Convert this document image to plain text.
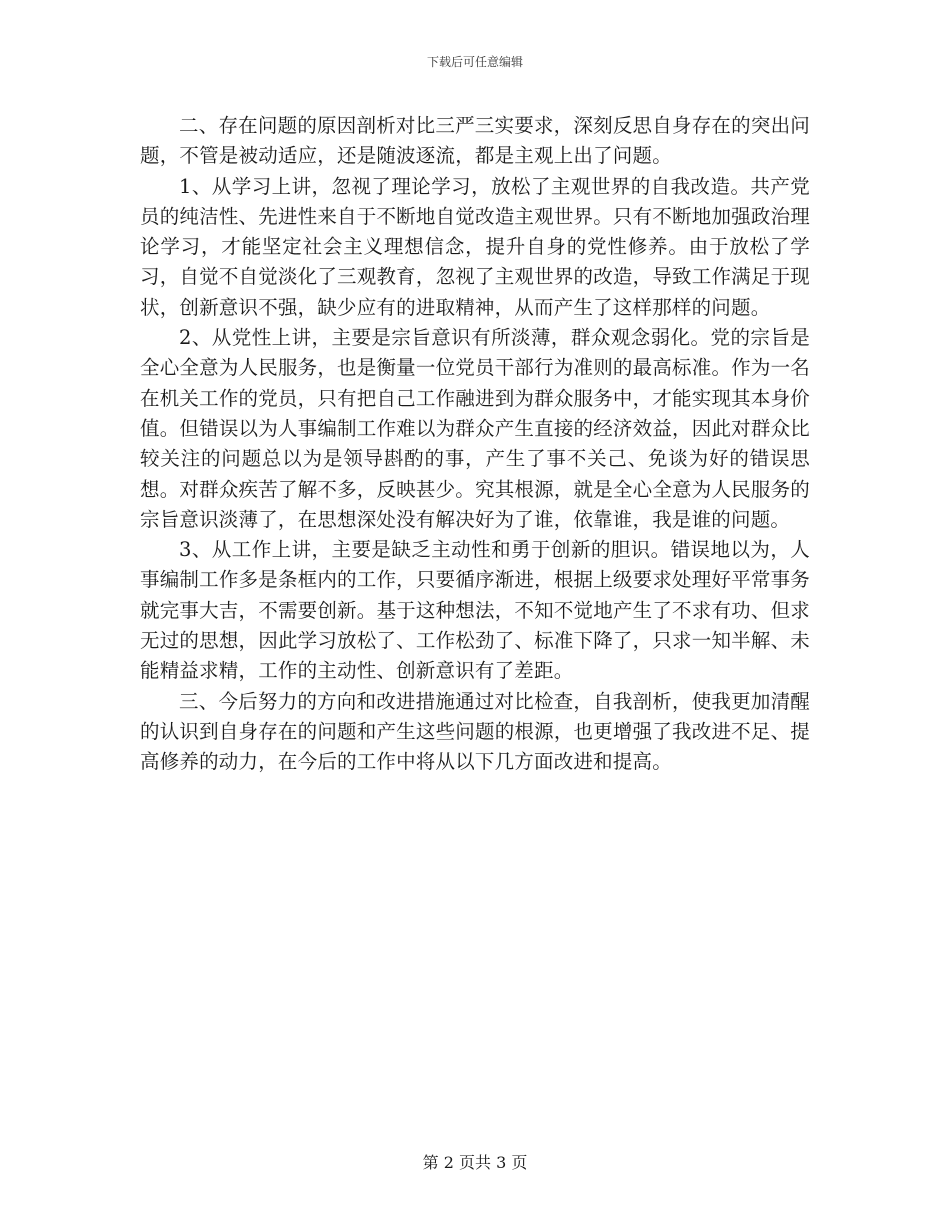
下载后可任意编辑

二、存在问题的原因剖析对比三严三实要求，深刻反思自身存在的突出问题，不管是被动适应，还是随波逐流，都是主观上出了问题。

1、从学习上讲，忽视了理论学习，放松了主观世界的自我改造。共产党员的纯洁性、先进性来自于不断地自觉改造主观世界。只有不断地加强政治理论学习，才能坚定社会主义理想信念，提升自身的党性修养。由于放松了学习，自觉不自觉淡化了三观教育，忽视了主观世界的改造，导致工作满足于现状，创新意识不强，缺少应有的进取精神，从而产生了这样那样的问题。

2、从党性上讲，主要是宗旨意识有所淡薄，群众观念弱化。党的宗旨是全心全意为人民服务，也是衡量一位党员干部行为准则的最高标准。作为一名在机关工作的党员，只有把自己工作融进到为群众服务中，才能实现其本身价值。但错误以为人事编制工作难以为群众产生直接的经济效益，因此对群众比较关注的问题总以为是领导斟酌的事，产生了事不关己、免谈为好的错误思想。对群众疾苦了解不多，反映甚少。究其根源，就是全心全意为人民服务的宗旨意识淡薄了，在思想深处没有解决好为了谁，依靠谁，我是谁的问题。

3、从工作上讲，主要是缺乏主动性和勇于创新的胆识。错误地以为，人事编制工作多是条框内的工作，只要循序渐进，根据上级要求处理好平常事务就完事大吉，不需要创新。基于这种想法，不知不觉地产生了不求有功、但求无过的思想，因此学习放松了、工作松劲了、标准下降了，只求一知半解、未能精益求精，工作的主动性、创新意识有了差距。

三、今后努力的方向和改进措施通过对比检查，自我剖析，使我更加清醒的认识到自身存在的问题和产生这些问题的根源，也更增强了我改进不足、提高修养的动力，在今后的工作中将从以下几方面改进和提高。

第 2 页共 3 页
